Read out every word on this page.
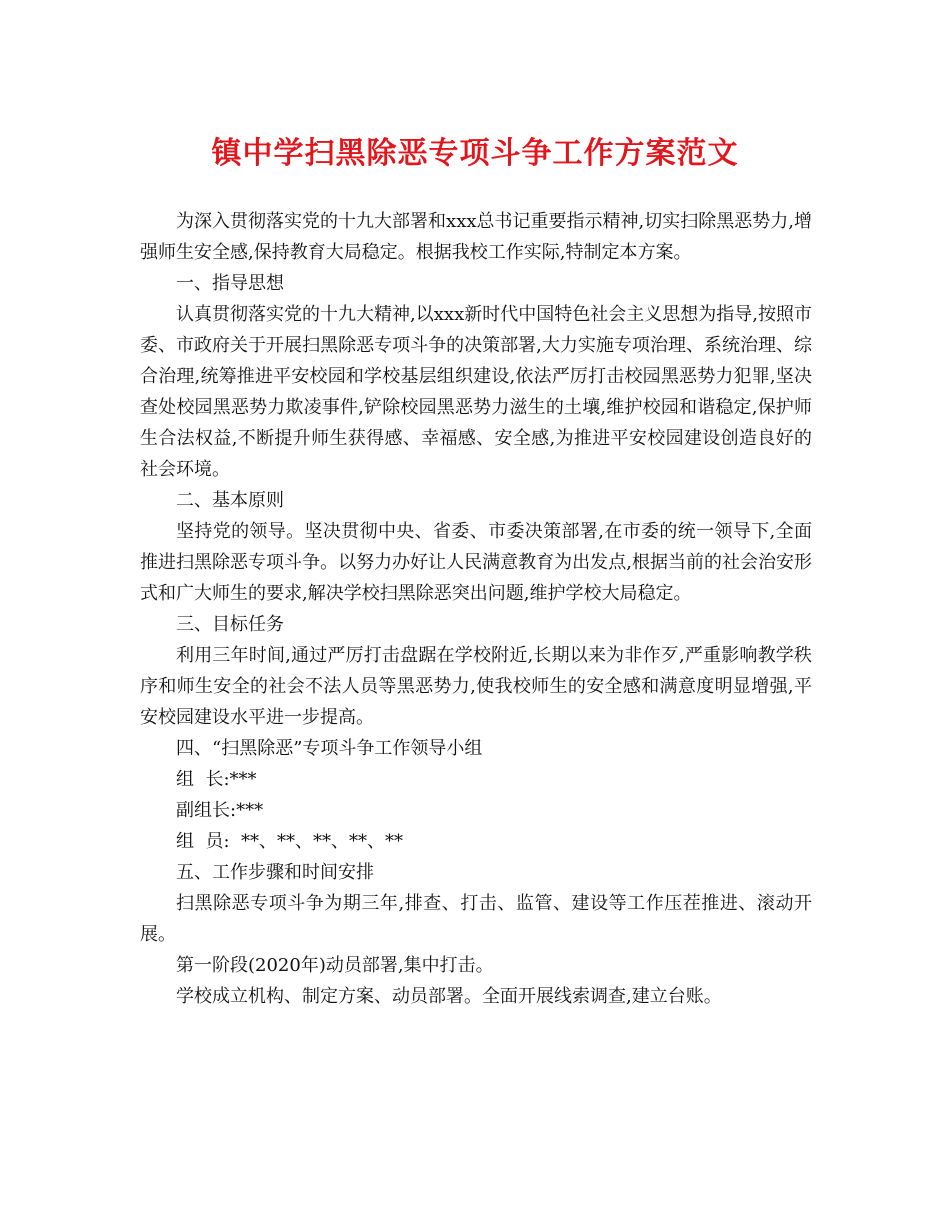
镇中学扫黑除恶专项斗争工作方案范文

为深入贯彻落实党的十九大部署和xxx总书记重要指示精神,切实扫除黑恶势力,增强师生安全感,保持教育大局稳定。根据我校工作实际,特制定本方案。

一、指导思想

认真贯彻落实党的十九大精神,以xxx新时代中国特色社会主义思想为指导,按照市委、市政府关于开展扫黑除恶专项斗争的决策部署,大力实施专项治理、系统治理、综合治理,统筹推进平安校园和学校基层组织建设,依法严厉打击校园黑恶势力犯罪,坚决查处校园黑恶势力欺凌事件,铲除校园黑恶势力滋生的土壤,维护校园和谐稳定,保护师生合法权益,不断提升师生获得感、幸福感、安全感,为推进平安校园建设创造良好的社会环境。

二、基本原则

坚持党的领导。坚决贯彻中央、省委、市委决策部署,在市委的统一领导下,全面推进扫黑除恶专项斗争。以努力办好让人民满意教育为出发点,根据当前的社会治安形式和广大师生的要求,解决学校扫黑除恶突出问题,维护学校大局稳定。

三、目标任务

利用三年时间,通过严厉打击盘踞在学校附近,长期以来为非作歹,严重影响教学秩序和师生安全的社会不法人员等黑恶势力,使我校师生的安全感和满意度明显增强,平安校园建设水平进一步提高。

四、“扫黑除恶”专项斗争工作领导小组

组  长:***

副组长:***

组  员:  **、**、**、**、**

五、工作步骤和时间安排

扫黑除恶专项斗争为期三年,排查、打击、监管、建设等工作压茬推进、滚动开展。

第一阶段(2020年)动员部署,集中打击。

学校成立机构、制定方案、动员部署。全面开展线索调查,建立台账。
